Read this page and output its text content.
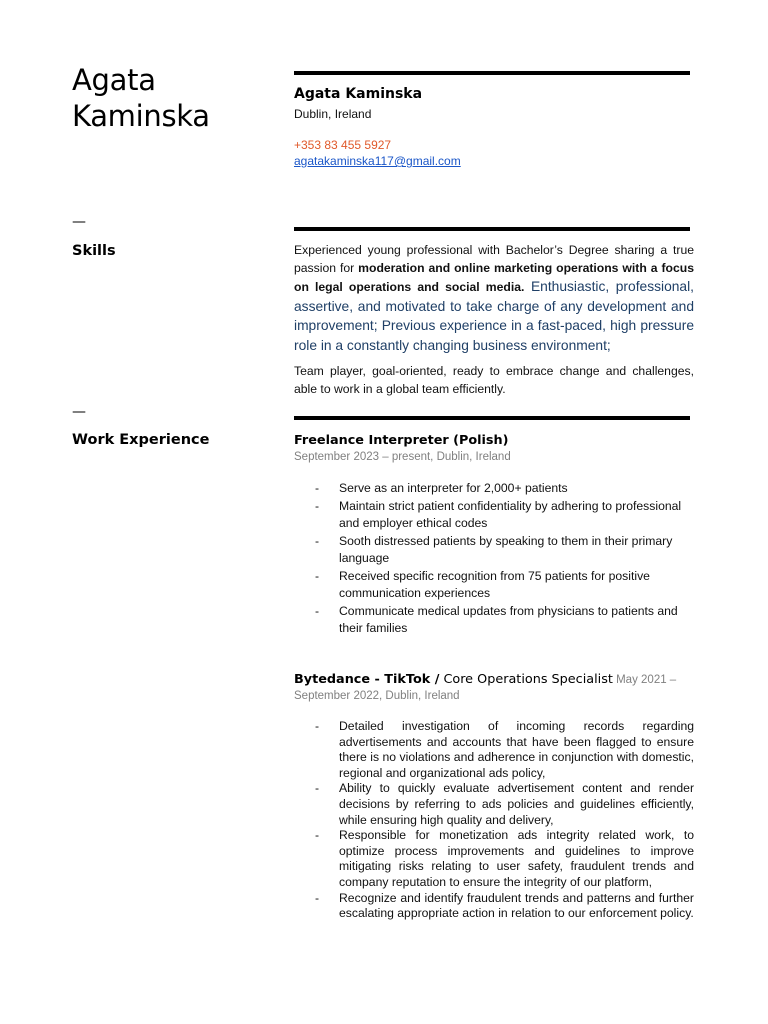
Agata
Kaminska

Agata Kaminska

Dublin, Ireland

+353 83 455 5927

agatakaminska117@gmail.com

—
Skills	Experienced young professional with Bachelor’s Degree sharing a true passion for moderation and online marketing operations with a focus on legal operations and social media. Enthusiastic, professional, assertive, and motivated to take charge of any development and improvement; Previous experience in a fast-paced, high pressure role in a constantly changing business environment;

Team player, goal-oriented, ready to embrace change and challenges, able to work in a global team efficiently.

—
Work Experience	Freelance Interpreter (Polish)

September 2023 – present, Dublin, Ireland

- Serve as an interpreter for 2,000+ patients
- Maintain strict patient confidentiality by adhering to professional and employer ethical codes
- Sooth distressed patients by speaking to them in their primary language
- Received specific recognition from 75 patients for positive communication experiences
- Communicate medical updates from physicians to patients and their families

Bytedance - TikTok / Core Operations Specialist May 2021 –

September 2022, Dublin, Ireland

- Detailed investigation of incoming records regarding advertisements and accounts that have been flagged to ensure there is no violations and adherence in conjunction with domestic, regional and organizational ads policy,
- Ability to quickly evaluate advertisement content and render decisions by referring to ads policies and guidelines efficiently, while ensuring high quality and delivery,
- Responsible for monetization ads integrity related work, to optimize process improvements and guidelines to improve mitigating risks relating to user safety, fraudulent trends and company reputation to ensure the integrity of our platform,
- Recognize and identify fraudulent trends and patterns and further escalating appropriate action in relation to our enforcement policy.
